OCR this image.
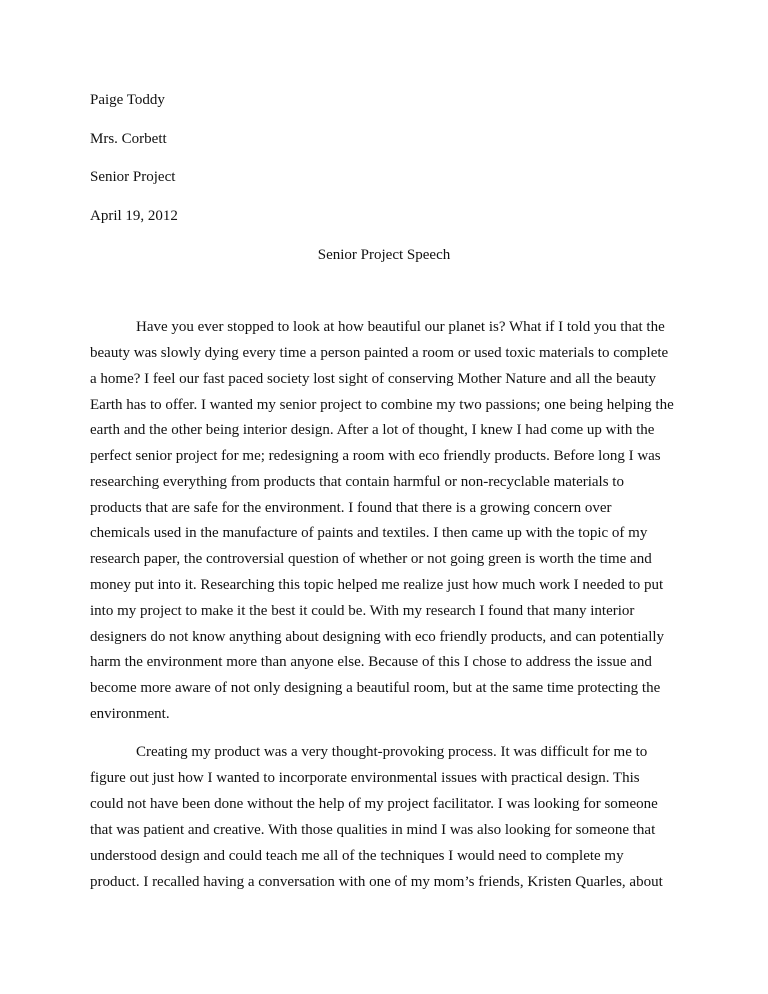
Paige Toddy
Mrs. Corbett
Senior Project
April 19, 2012
Senior Project Speech
Have you ever stopped to look at how beautiful our planet is? What if I told you that the
beauty was slowly dying every time a person painted a room or used toxic materials to complete
a home? I feel our fast paced society lost sight of conserving Mother Nature and all the beauty
Earth has to offer. I wanted my senior project to combine my two passions; one being helping the
earth and the other being interior design. After a lot of thought, I knew I had come up with the
perfect senior project for me; redesigning a room with eco friendly products. Before long I was
researching everything from products that contain harmful or non-recyclable materials to
products that are safe for the environment. I found that there is a growing concern over
chemicals used in the manufacture of paints and textiles. I then came up with the topic of my
research paper, the controversial question of whether or not going green is worth the time and
money put into it. Researching this topic helped me realize just how much work I needed to put
into my project to make it the best it could be. With my research I found that many interior
designers do not know anything about designing with eco friendly products, and can potentially
harm the environment more than anyone else. Because of this I chose to address the issue and
become more aware of not only designing a beautiful room, but at the same time protecting the
environment.
Creating my product was a very thought-provoking process. It was difficult for me to
figure out just how I wanted to incorporate environmental issues with practical design. This
could not have been done without the help of my project facilitator. I was looking for someone
that was patient and creative. With those qualities in mind I was also looking for someone that
understood design and could teach me all of the techniques I would need to complete my
product. I recalled having a conversation with one of my mom’s friends, Kristen Quarles, about
